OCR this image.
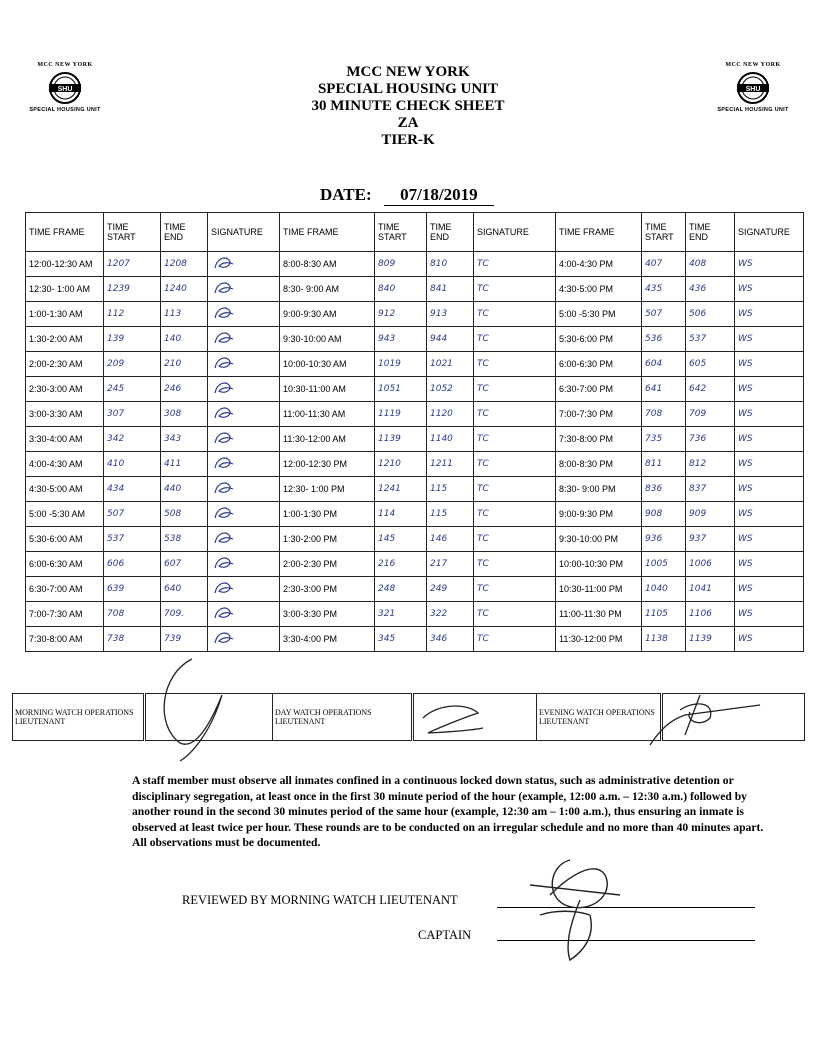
MCC NEW YORK
SHU
SPECIAL HOUSING UNIT
MCC NEW YORK
SHU
SPECIAL HOUSING UNIT
MCC NEW YORK
SPECIAL HOUSING UNIT
30 MINUTE CHECK SHEET
ZA
TIER-K
DATE: 07/18/2019
TIME FRAME	TIME START	TIME END	SIGNATURE	TIME FRAME	TIME START	TIME END	SIGNATURE	TIME FRAME	TIME START	TIME END	SIGNATURE
12:00-12:30 AM	1207	1208		8:00-8:30 AM	809	810	TC	4:00-4:30 PM	407	408	WS
12:30- 1:00 AM	1239	1240		8:30- 9:00 AM	840	841	TC	4:30-5:00 PM	435	436	WS
1:00-1:30 AM	112	113		9:00-9:30 AM	912	913	TC	5:00 -5:30 PM	507	506	WS
1:30-2:00 AM	139	140		9:30-10:00 AM	943	944	TC	5:30-6:00 PM	536	537	WS
2:00-2:30 AM	209	210		10:00-10:30 AM	1019	1021	TC	6:00-6:30 PM	604	605	WS
2:30-3:00 AM	245	246		10:30-11:00 AM	1051	1052	TC	6:30-7:00 PM	641	642	WS
3:00-3:30 AM	307	308		11:00-11:30 AM	1119	1120	TC	7:00-7:30 PM	708	709	WS
3:30-4:00 AM	342	343		11:30-12:00 AM	1139	1140	TC	7:30-8:00 PM	735	736	WS
4:00-4:30 AM	410	411		12:00-12:30 PM	1210	1211	TC	8:00-8:30 PM	811	812	WS
4:30-5:00 AM	434	440		12:30- 1:00 PM	1241	115	TC	8:30- 9:00 PM	836	837	WS
5:00 -5:30 AM	507	508		1:00-1:30 PM	114	115	TC	9:00-9:30 PM	908	909	WS
5:30-6:00 AM	537	538		1:30-2:00 PM	145	146	TC	9:30-10:00 PM	936	937	WS
6:00-6:30 AM	606	607		2:00-2:30 PM	216	217	TC	10:00-10:30 PM	1005	1006	WS
6:30-7:00 AM	639	640		2:30-3:00 PM	248	249	TC	10:30-11:00 PM	1040	1041	WS
7:00-7:30 AM	708	709.		3:00-3:30 PM	321	322	TC	11:00-11:30 PM	1105	1106	WS
7:30-8:00 AM	738	739		3:30-4:00 PM	345	346	TC	11:30-12:00 PM	1138	1139	WS
MORNING WATCH OPERATIONS LIEUTENANT		DAY WATCH OPERATIONS LIEUTENANT		EVENING WATCH OPERATIONS LIEUTENANT	
A staff member must observe all inmates confined in a continuous locked down status, such as administrative detention or disciplinary segregation, at least once in the first 30 minute period of the hour (example, 12:00 a.m. – 12:30 a.m.) followed by another round in the second 30 minutes period of the same hour (example, 12:30 am – 1:00 a.m.), thus ensuring an inmate is observed at least twice per hour. These rounds are to be conducted on an irregular schedule and no more than 40 minutes apart. All observations must be documented.
REVIEWED BY MORNING WATCH LIEUTENANT
CAPTAIN
